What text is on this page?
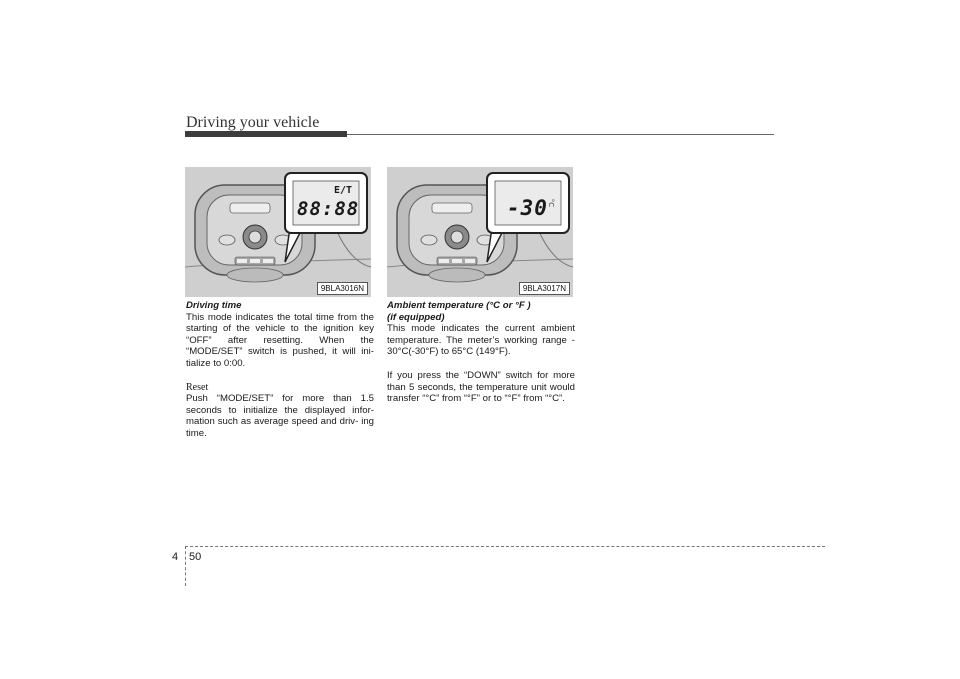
Driving your vehicle
E/T
88:88
9BLA3016N
-30 °C
9BLA3017N
Driving time
This mode indicates the total time from the starting of the vehicle to the ignition key “OFF” after resetting. When the “MODE/SET” switch is pushed, it will ini- tialize to 0:00.
Reset
Push “MODE/SET” for more than 1.5 seconds to initialize the displayed infor- mation such as average speed and driv- ing time.
Ambient temperature (°C or °F )
(if equipped)
This mode indicates the current ambient temperature. The meter’s working range - 30°C(-30°F) to 65°C (149°F).
If you press the “DOWN” switch for more than 5 seconds, the temperature unit would transfer “°C” from “°F” or to “°F” from “°C”.
4 50
